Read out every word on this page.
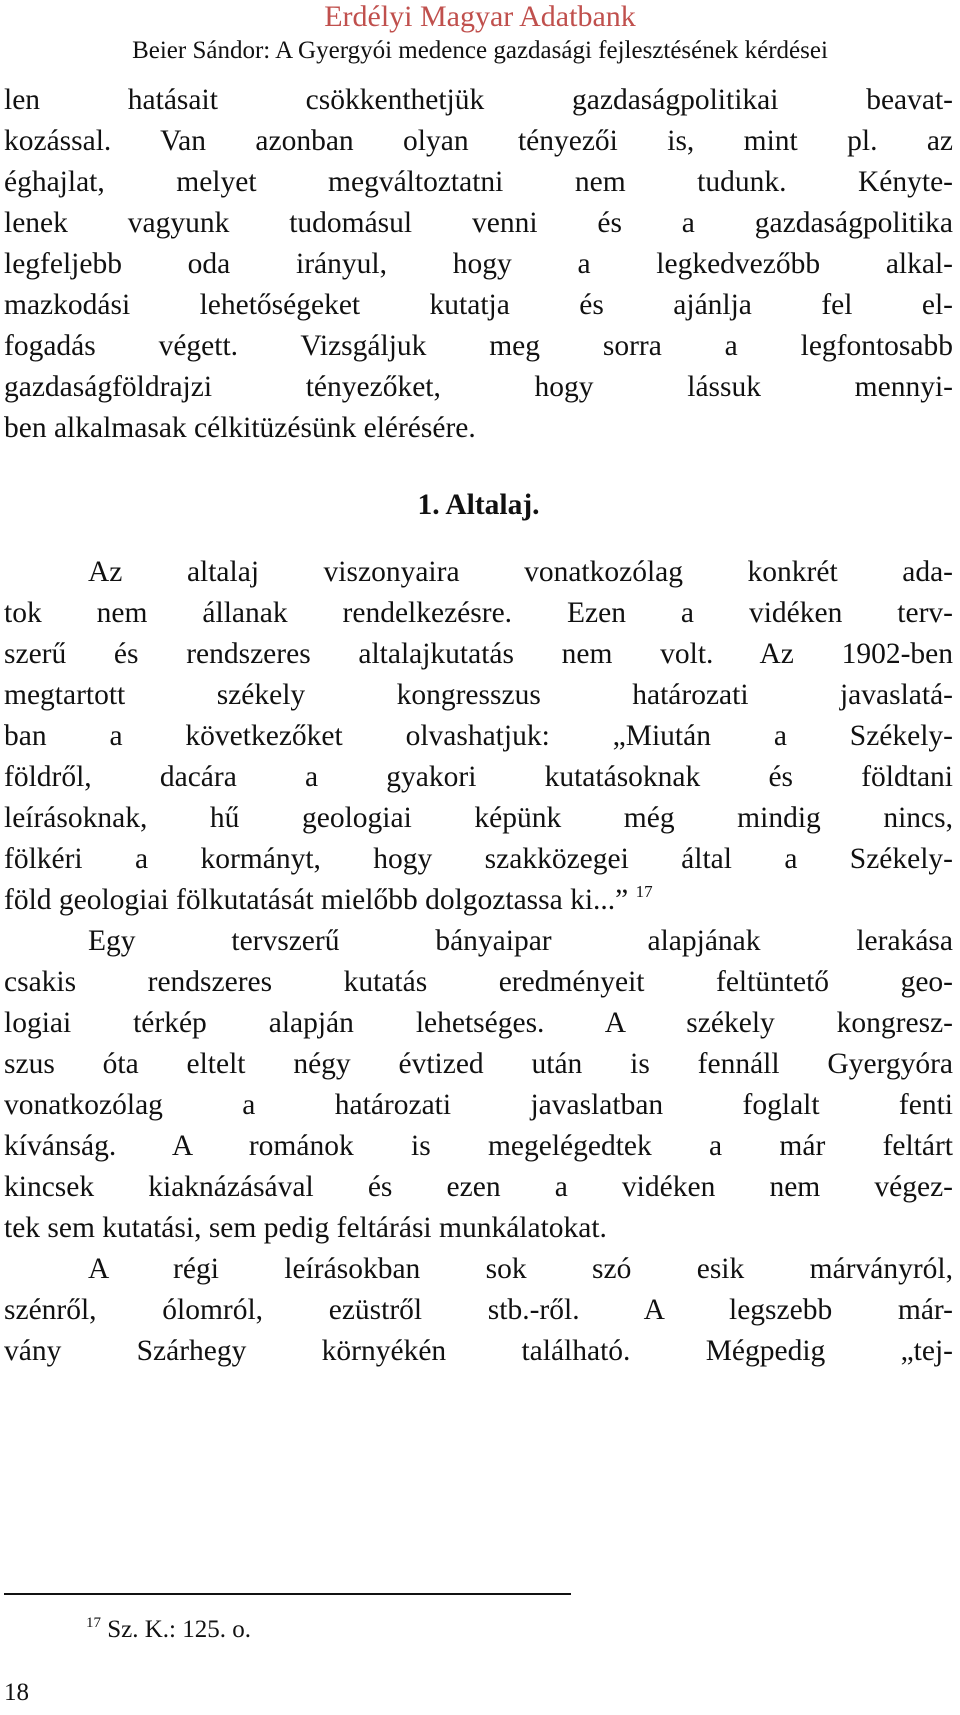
Erdélyi Magyar Adatbank
Beier Sándor: A Gyergyói medence gazdasági fejlesztésének kérdései
len hatásait csökkenthetjük gazdaságpolitikai beavat-
kozással. Van azonban olyan tényezői is, mint pl. az
éghajlat, melyet megváltoztatni nem tudunk. Kényte-
lenek vagyunk tudomásul venni és a gazdaságpolitika
legfeljebb oda irányul, hogy a legkedvezőbb alkal-
mazkodási lehetőségeket kutatja és ajánlja fel el-
fogadás végett. Vizsgáljuk meg sorra a legfontosabb
gazdaságföldrajzi tényezőket, hogy lássuk mennyi-
ben alkalmasak célkitüzésünk elérésére.
1. Altalaj.
Az altalaj viszonyaira vonatkozólag konkrét ada-
tok nem állanak rendelkezésre. Ezen a vidéken terv-
szerű és rendszeres altalajkutatás nem volt. Az 1902-ben
megtartott székely kongresszus határozati javaslatá-
ban a következőket olvashatjuk: „Miután a Székely-
földről, dacára a gyakori kutatásoknak és földtani
leírásoknak, hű geologiai képünk még mindig nincs,
fölkéri a kormányt, hogy szakközegei által a Székely-
föld geologiai fölkutatását mielőbb dolgoztassa ki...” $^{17}$
Egy tervszerű bányaipar alapjának lerakása
csakis rendszeres kutatás eredményeit feltüntető geo-
logiai térkép alapján lehetséges. A székely kongresz-
szus óta eltelt négy évtized után is fennáll Gyergyóra
vonatkozólag a határozati javaslatban foglalt fenti
kívánság. A románok is megelégedtek a már feltárt
kincsek kiaknázásával és ezen a vidéken nem végez-
tek sem kutatási, sem pedig feltárási munkálatokat.
A régi leírásokban sok szó esik márványról,
szénről, ólomról, ezüstről stb.-ről. A legszebb már-
vány Szárhegy környékén található. Mégpedig „tej-
$^{17}$ Sz. K.: 125. o.
18
